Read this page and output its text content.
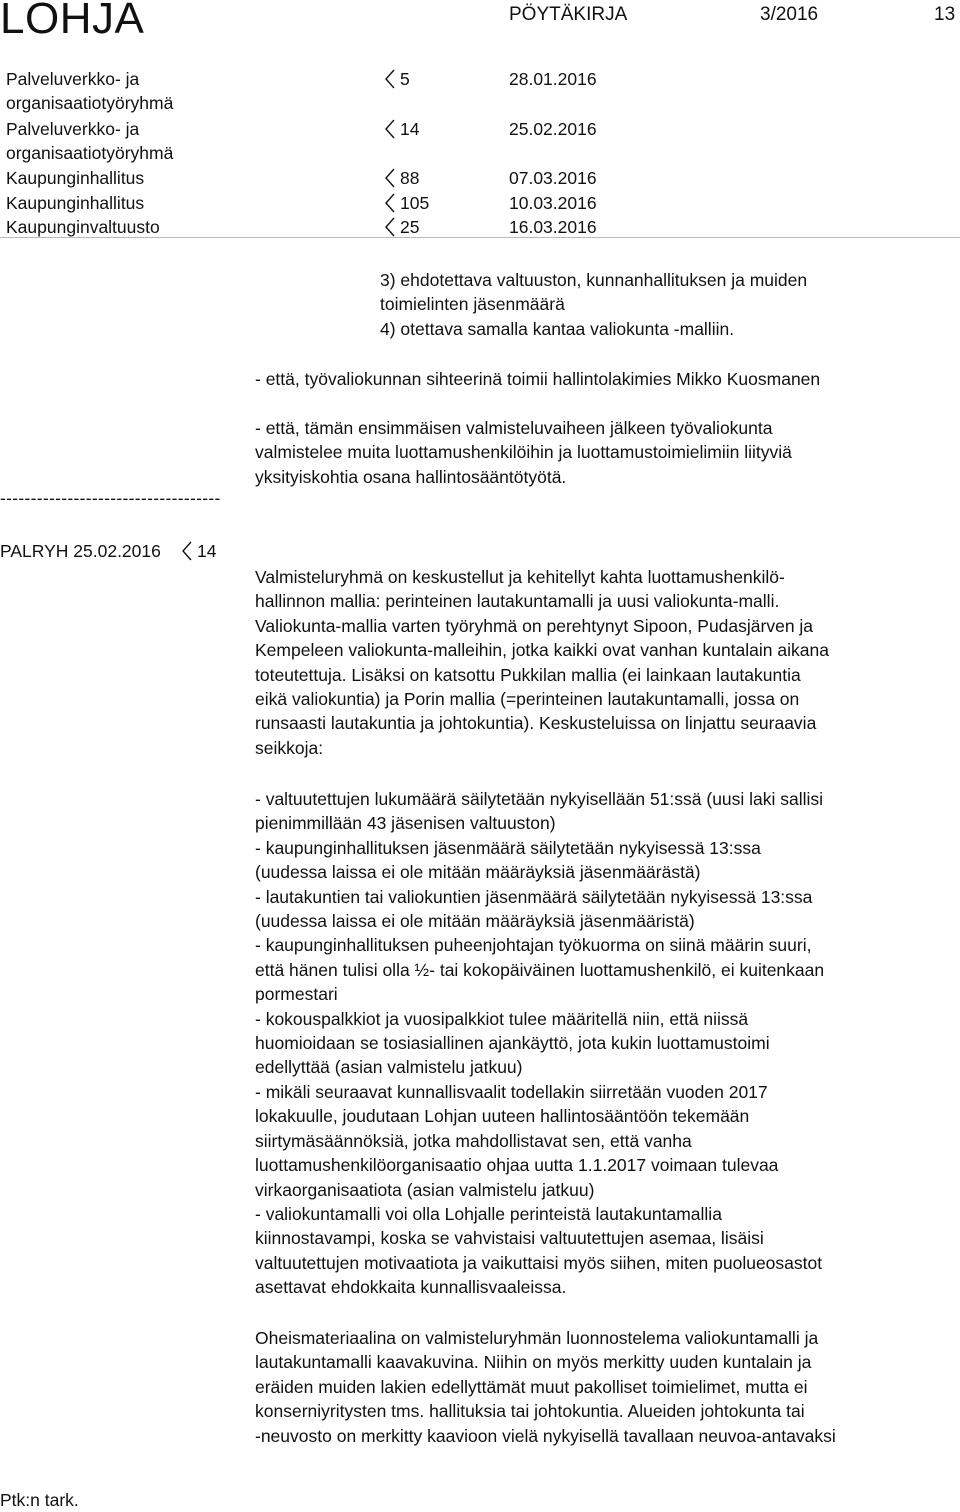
LOHJA	PÖYTÄKIRJA	3/2016	13
Palveluverkko- ja
organisaatiotyöryhmä
5	28.01.2016
Palveluverkko- ja
organisaatiotyöryhmä
14	25.02.2016
Kaupunginhallitus	88	07.03.2016
Kaupunginhallitus	105	10.03.2016
Kaupunginvaltuusto	25	16.03.2016

3) ehdotettava valtuuston, kunnanhallituksen ja muiden

toimielinten jäsenmäärä

4) otettava samalla kantaa valiokunta -malliin.

- että, työvaliokunnan sihteerinä toimii hallintolakimies Mikko Kuosmanen

- että, tämän ensimmäisen valmisteluvaiheen jälkeen työvaliokunta

valmistelee muita luottamushenkilöihin ja luottamustoimielimiin liityviä

yksityiskohtia osana hallintosääntötyötä.

------------------------------------
PALRYH 25.02.2016 14

Valmisteluryhmä on keskustellut ja kehitellyt kahta luottamushenkilö-

hallinnon mallia: perinteinen lautakuntamalli ja uusi valiokunta-malli.

Valiokunta-mallia varten työryhmä on perehtynyt Sipoon, Pudasjärven ja

Kempeleen valiokunta-malleihin, jotka kaikki ovat vanhan kuntalain aikana

toteutettuja. Lisäksi on katsottu Pukkilan mallia (ei lainkaan lautakuntia

eikä valiokuntia) ja Porin mallia (=perinteinen lautakuntamalli, jossa on

runsaasti lautakuntia ja johtokuntia). Keskusteluissa on linjattu seuraavia

seikkoja:

- valtuutettujen lukumäärä säilytetään nykyisellään 51:ssä (uusi laki sallisi

pienimmillään 43 jäsenisen valtuuston)

- kaupunginhallituksen jäsenmäärä säilytetään nykyisessä 13:ssa

(uudessa laissa ei ole mitään määräyksiä jäsenmäärästä)

- lautakuntien tai valiokuntien jäsenmäärä säilytetään nykyisessä 13:ssa

(uudessa laissa ei ole mitään määräyksiä jäsenmääristä)

- kaupunginhallituksen puheenjohtajan työkuorma on siinä määrin suuri,

että hänen tulisi olla ½- tai kokopäiväinen luottamushenkilö, ei kuitenkaan

pormestari

- kokouspalkkiot ja vuosipalkkiot tulee määritellä niin, että niissä

huomioidaan se tosiasiallinen ajankäyttö, jota kukin luottamustoimi

edellyttää (asian valmistelu jatkuu)

- mikäli seuraavat kunnallisvaalit todellakin siirretään vuoden 2017

lokakuulle, joudutaan Lohjan uuteen hallintosääntöön tekemään

siirtymäsäännöksiä, jotka mahdollistavat sen, että vanha

luottamushenkilöorganisaatio ohjaa uutta 1.1.2017 voimaan tulevaa

virkaorganisaatiota (asian valmistelu jatkuu)

- valiokuntamalli voi olla Lohjalle perinteistä lautakuntamallia

kiinnostavampi, koska se vahvistaisi valtuutettujen asemaa, lisäisi

valtuutettujen motivaatiota ja vaikuttaisi myös siihen, miten puolueosastot

asettavat ehdokkaita kunnallisvaaleissa.

Oheismateriaalina on valmisteluryhmän luonnostelema valiokuntamalli ja

lautakuntamalli kaavakuvina. Niihin on myös merkitty uuden kuntalain ja

eräiden muiden lakien edellyttämät muut pakolliset toimielimet, mutta ei

konserniyritysten tms. hallituksia tai johtokuntia. Alueiden johtokunta tai

-neuvosto on merkitty kaavioon vielä nykyisellä tavallaan neuvoa-antavaksi

Ptk:n tark.
